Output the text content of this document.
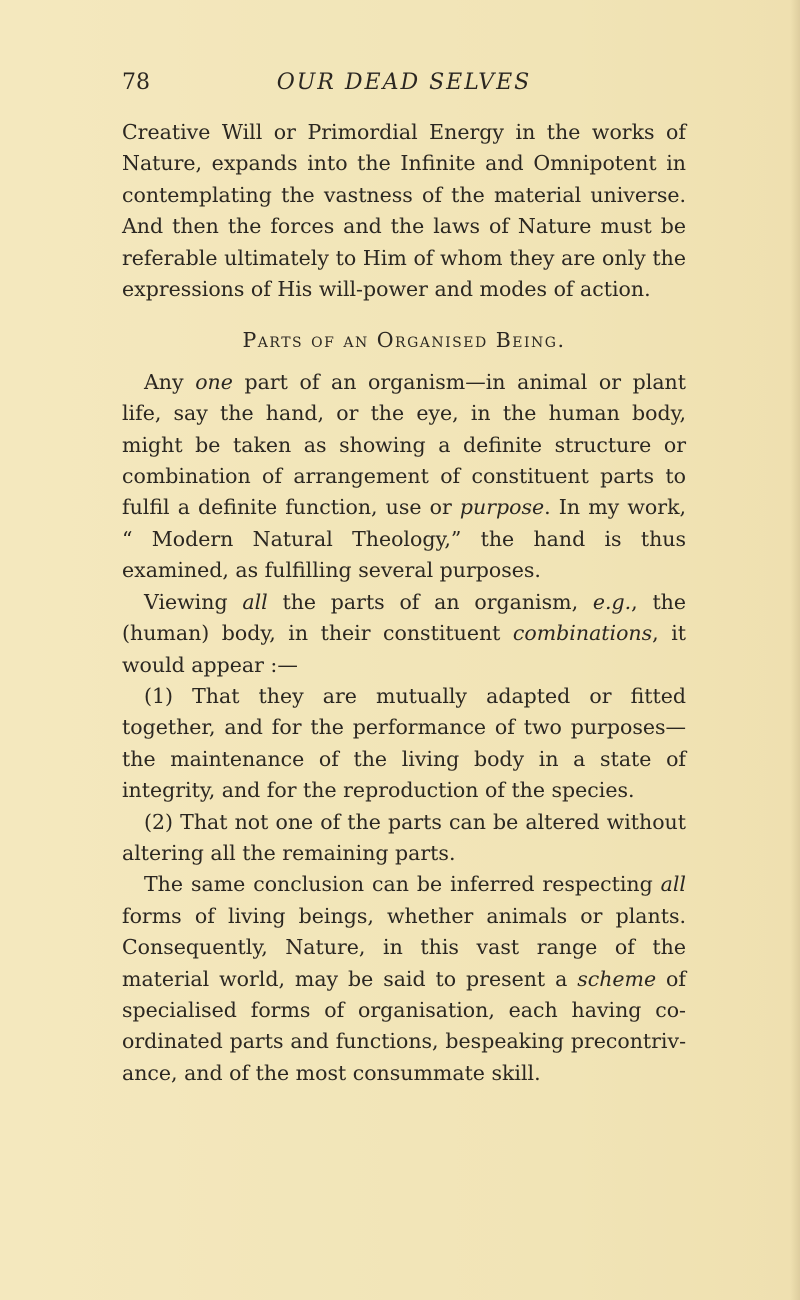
78	OUR DEAD SELVES

Creative Will or Primordial Energy in the works of Nature, expands into the Infinite and Omnipotent in contemplating the vastness of the material universe. And then the forces and the laws of Nature must be referable ultimately to Him of whom they are only the expressions of His will-power and modes of action.

Parts of an Organised Being.

Any one part of an organism—in animal or plant life, say the hand, or the eye, in the human body, might be taken as showing a definite structure or combination of arrangement of constituent parts to fulfil a definite function, use or purpose. In my work, “ Modern Natural Theology,” the hand is thus examined, as fulfilling several purposes.

Viewing all the parts of an organism, e.g., the (human) body, in their constituent combinations, it would appear :—

(1) That they are mutually adapted or fitted together, and for the performance of two purposes— the maintenance of the living body in a state of integrity, and for the reproduction of the species.

(2) That not one of the parts can be altered without altering all the remaining parts.

The same conclusion can be inferred respecting all forms of living beings, whether animals or plants. Consequently, Nature, in this vast range of the material world, may be said to present a scheme of specialised forms of organisation, each having co-ordinated parts and functions, bespeaking precontriv-ance, and of the most consummate skill.
